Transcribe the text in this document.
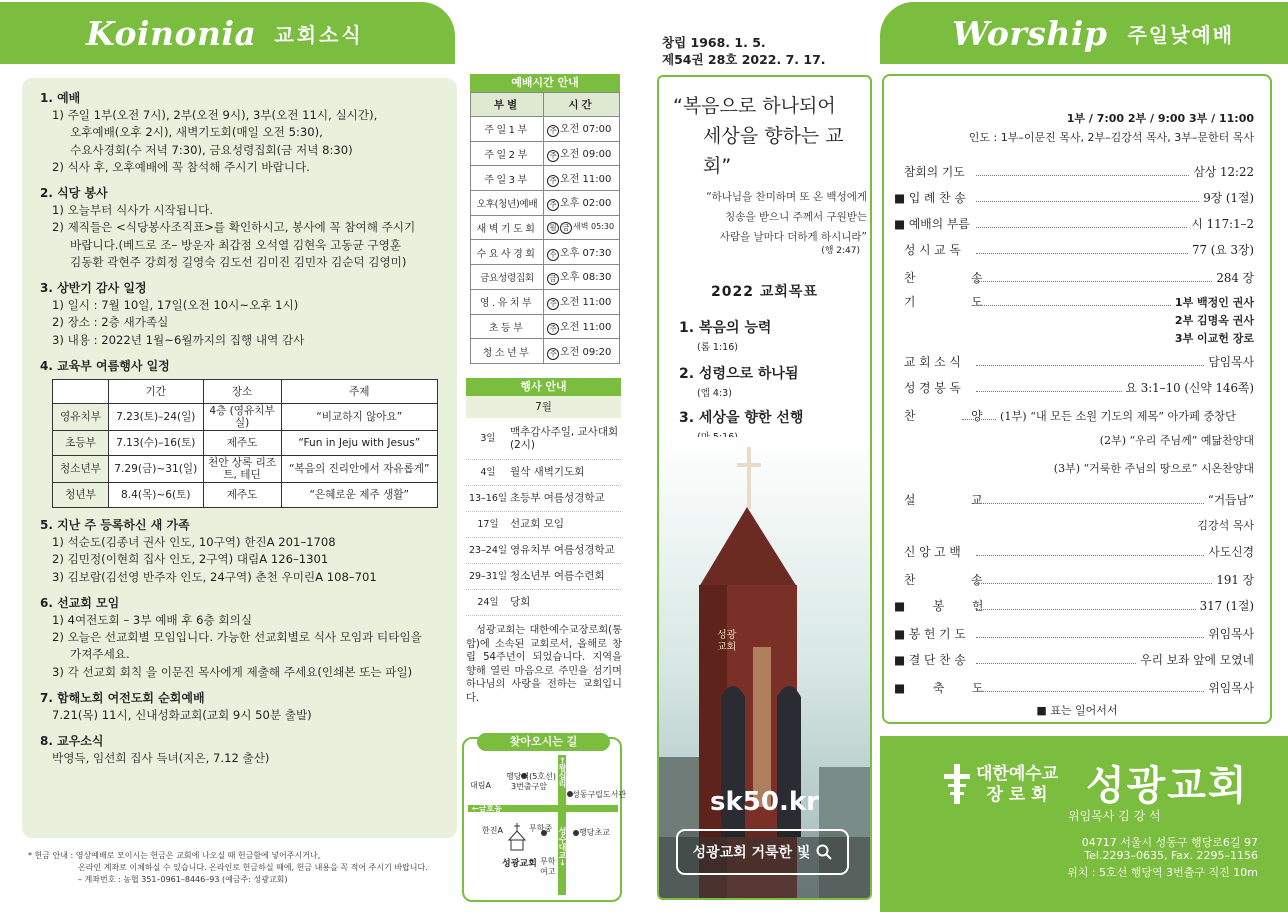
Koinonia 교회소식
1. 예배
1) 주일 1부(오전 7시), 2부(오전 9시), 3부(오전 11시, 실시간),
오후예배(오후 2시), 새벽기도회(매일 오전 5:30),
수요사경회(수 저녁 7:30), 금요성령집회(금 저녁 8:30)
2) 식사 후, 오후예배에 꼭 참석해 주시기 바랍니다.
2. 식당 봉사
1) 오늘부터 식사가 시작됩니다.
2) 제직들은 <식당봉사조직표>를 확인하시고, 봉사에 꼭 참여해 주시기
바랍니다.(베드로 조– 방운자 최갑점 오석열 김현욱 고동균 구영훈
김동환 곽현주 강희정 길영숙 김도선 김미진 김민자 김순덕 김영미)
3. 상반기 감사 일정
1) 일시 : 7월 10일, 17일(오전 10시~오후 1시)
2) 장소 : 2층 새가족실
3) 내용 : 2022년 1월~6월까지의 집행 내역 감사
4. 교육부 여름행사 일정
	기간	장소	주제
영유치부	7.23(토)–24(일)	4층 (영유치부실)	“비교하지 않아요”
초등부	7.13(수)–16(토)	제주도	“Fun in Jeju with Jesus”
청소년부	7.29(금)~31(일)	천안 상록 리조트, 테딘	“복음의 진리안에서 자유롭게”
청년부	8.4(목)~6(토)	제주도	“은혜로운 제주 생활”
5. 지난 주 등록하신 새 가족
1) 석순도(김종녀 권사 인도, 10구역) 한진A 201–1708
2) 김민정(이현희 집사 인도, 2구역) 대림A 126–1301
3) 김보람(김선영 반주자 인도, 24구역) 춘천 우미린A 108–701
6. 선교회 모임
1) 4여전도회 – 3부 예배 후 6층 회의실
2) 오늘은 선교회별 모임입니다. 가능한 선교회별로 식사 모임과 티타임을
가져주세요.
3) 각 선교회 회칙 을 이문진 목사에게 제출해 주세요(인쇄본 또는 파일)
7. 함해노회 여전도회 순회예배
7.21(목) 11시, 신내성화교회(교회 9시 50분 출발)
8. 교우소식
박영득, 임선희 집사 득녀(지온, 7.12 출산)
* 헌금 안내 : 영상예배로 모이시는 헌금은 교회에 나오실 때 헌금함에 넣어주시거나,
온라인 계좌로 이체하실 수 있습니다. 온라인로 헌금하실 때에, 헌금 내용을 꼭 적어 주시기 바랍니다.
– 계좌번호 : 농협 351–0961–8446–93 (예금주: 성광교회)
예배시간 안내
부별	시간
주일1부	주 오전 07:00
주일2부	주 오전 09:00
주일3부	주 오전 11:00
오후(청년)예배	주 오후 02:00
새벽기도회	월 금 새벽 05:30
수요사경회	수 오후 07:30
금요성령집회	금 오후 08:30
영.유치부	주 오전 11:00
초등부	주 오전 11:00
청소년부	주 오전 09:20
행사 안내
7월
3일
맥추감사주일, 교사대회(2시)
4일	월삭 새벽기도회
13–16일 초등부 여름성경학교
17일	선교회 모임
23–24일 영유치부 여름성경학교
29–31일 청소년부 여름수련회
24일	당회
성광교회는 대한예수교장로회(통합)에 소속된 교회로서, 올해로 창립 54주년이 되었습니다. 지역을 향해 열린 마음으로 주민을 섬기며 하나님의 사랑을 전하는 교회입니다.
찾아오시는 길
대림A
행당역(5호선)
3번출구앞 ←왕십리
성동구립도서관
←금호동
한진A	무학중	행당초교
성광교회 무학여고
성수대교→
창립 1968. 1. 5.
제54권 28호 2022. 7. 17.
“복음으로 하나되어
세상을 향하는 교회”
“하나님을 찬미하며 또 온 백성에게
칭송을 받으니 주께서 구원받는
사람을 날마다 더하게 하시니라”
(행 2:47)
2022 교회목표
1. 복음의 능력
(롬 1:16)
2. 성령으로 하나됨
(엡 4:3)
3. 세상을 향한 선행
성광교회
sk50.kr
성광교회 거룩한 빛
Worship 주일낮예배
1부 / 7:00 2부 / 9:00 3부 / 11:00
인도 : 1부–이문진 목사, 2부–김강석 목사, 3부–문한터 목사
참회의 기도	삼상 12:22
■ 입 례 찬 송	9장 (1절)
■ 예배의 부름	시 117:1–2
성 시 교 독	77 (요 3장)
찬 송	284 장
기 도	1부 백정인 권사
2부 김명옥 권사
3부 이교헌 장로
교 회 소 식	담임목사
성 경 봉 독	요 3:1–10 (신약 146쪽)
찬 양
(1부) “내 모든 소원 기도의 제목” 아가페 중창단
(2부) “우리 주님께” 예닮찬양대
(3부) “거룩한 주님의 땅으로” 시온찬양대
설 교	“거듭남”
김강석 목사
신 앙 고 백	사도신경
찬 송	191 장
■ 봉 헌	317 (1절)
■ 봉 헌 기 도	위임목사
■ 결 단 찬 송	우리 보좌 앞에 모였네
■ 축 도	위임목사
■ 표는 일어서서
대한예수교
장 로 회 성광교회
위임목사 김 강 석
04717 서울시 성동구 행당로6길 97
Tel.2293–0635, Fax. 2295–1156
위치 : 5호선 행당역 3번출구 직진 10m
